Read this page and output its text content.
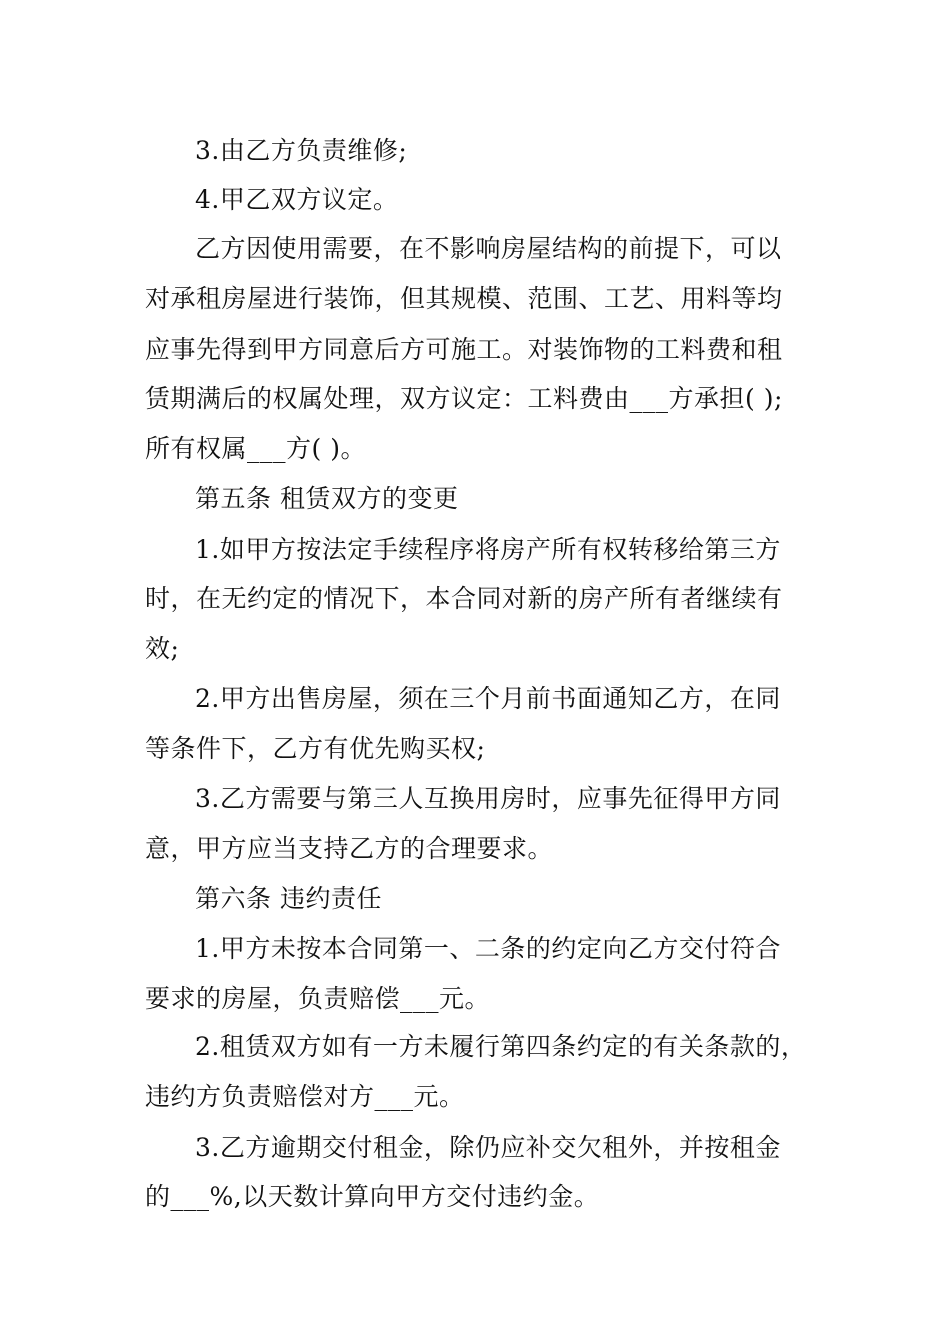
3.由乙方负责维修;
4.甲乙双方议定。
乙方因使用需要，在不影响房屋结构的前提下，可以
对承租房屋进行装饰，但其规模、范围、工艺、用料等均
应事先得到甲方同意后方可施工。对装饰物的工料费和租
赁期满后的权属处理，双方议定：工料费由___方承担( );
所有权属___方( )。
第五条 租赁双方的变更
1.如甲方按法定手续程序将房产所有权转移给第三方
时，在无约定的情况下，本合同对新的房产所有者继续有
效;
2.甲方出售房屋，须在三个月前书面通知乙方，在同
等条件下，乙方有优先购买权;
3.乙方需要与第三人互换用房时，应事先征得甲方同
意，甲方应当支持乙方的合理要求。
第六条 违约责任
1.甲方未按本合同第一、二条的约定向乙方交付符合
要求的房屋，负责赔偿___元。
2.租赁双方如有一方未履行第四条约定的有关条款的，
违约方负责赔偿对方___元。
3.乙方逾期交付租金，除仍应补交欠租外，并按租金
的___%,以天数计算向甲方交付违约金。
